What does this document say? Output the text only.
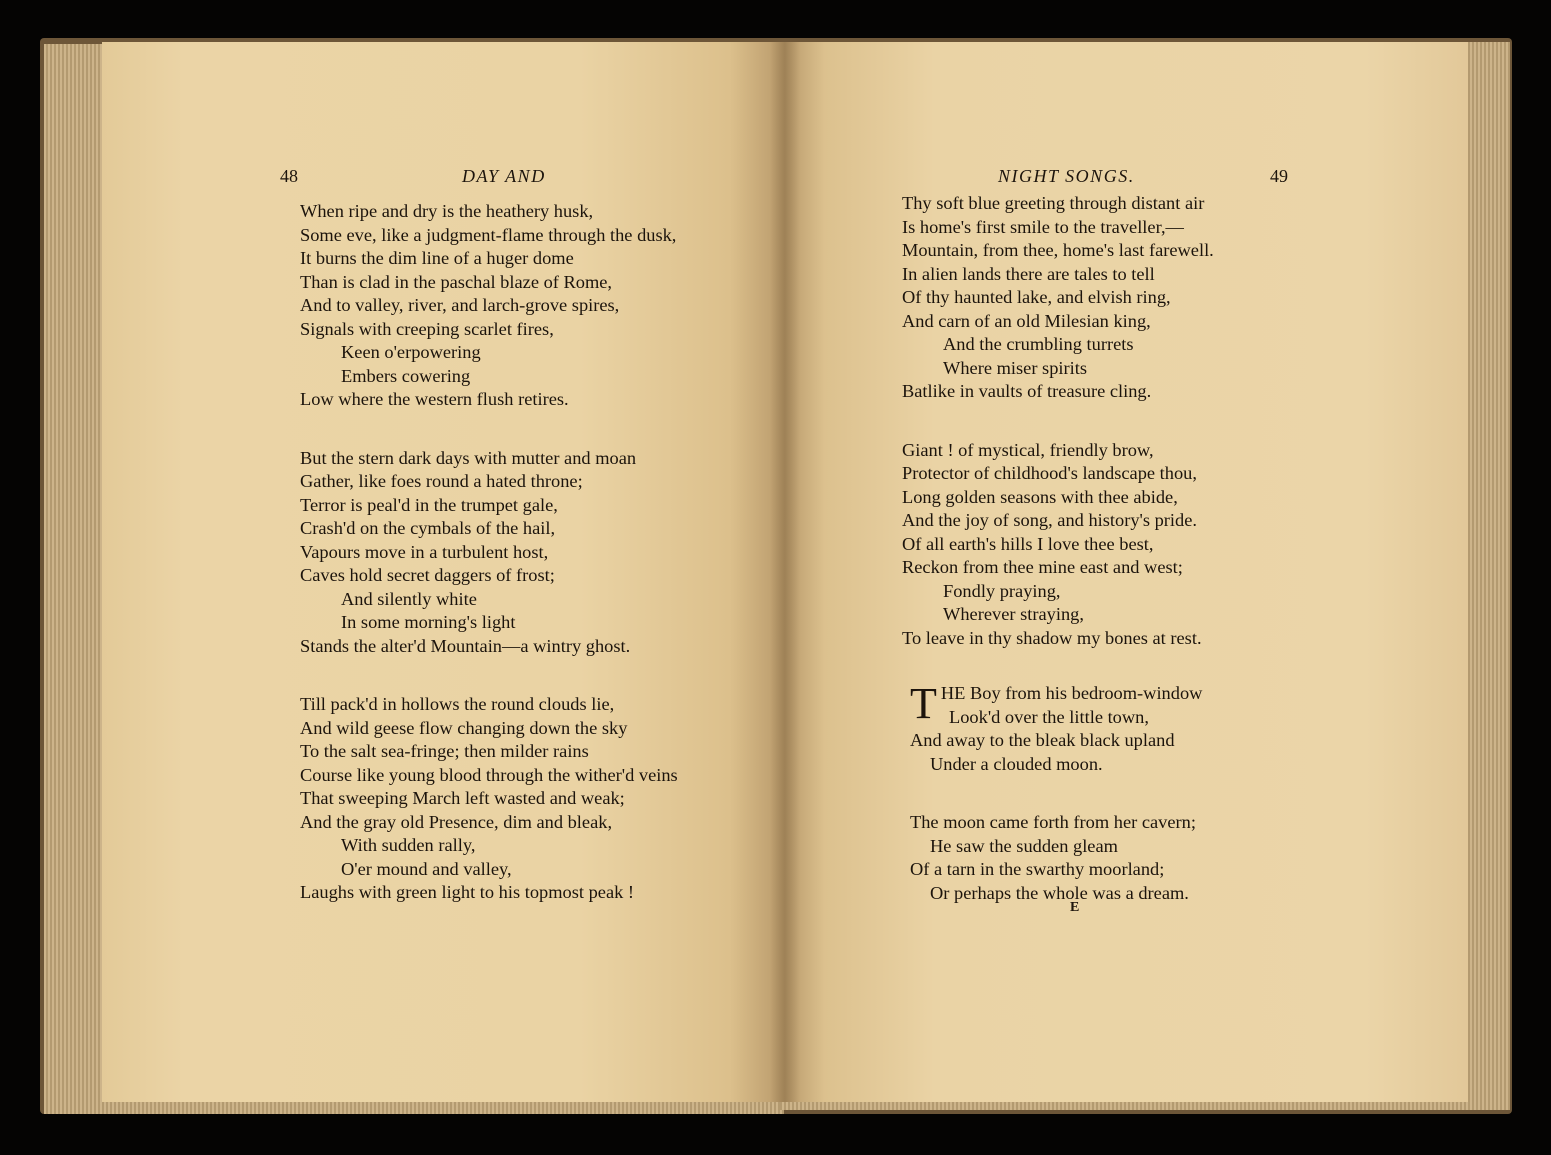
48	DAY AND
When ripe and dry is the heathery husk,
Some eve, like a judgment-flame through the dusk,
It burns the dim line of a huger dome
Than is clad in the paschal blaze of Rome,
And to valley, river, and larch-grove spires,
Signals with creeping scarlet fires,
Keen o'erpowering
Embers cowering
Low where the western flush retires.
But the stern dark days with mutter and moan
Gather, like foes round a hated throne;
Terror is peal'd in the trumpet gale,
Crash'd on the cymbals of the hail,
Vapours move in a turbulent host,
Caves hold secret daggers of frost;
And silently white
In some morning's light
Stands the alter'd Mountain—a wintry ghost.
Till pack'd in hollows the round clouds lie,
And wild geese flow changing down the sky
To the salt sea-fringe; then milder rains
Course like young blood through the wither'd veins
That sweeping March left wasted and weak;
And the gray old Presence, dim and bleak,
With sudden rally,
O'er mound and valley,
Laughs with green light to his topmost peak !
NIGHT SONGS.	49
Thy soft blue greeting through distant air
Is home's first smile to the traveller,—
Mountain, from thee, home's last farewell.
In alien lands there are tales to tell
Of thy haunted lake, and elvish ring,
And carn of an old Milesian king,
And the crumbling turrets
Where miser spirits
Batlike in vaults of treasure cling.
Giant ! of mystical, friendly brow,
Protector of childhood's landscape thou,
Long golden seasons with thee abide,
And the joy of song, and history's pride.
Of all earth's hills I love thee best,
Reckon from thee mine east and west;
Fondly praying,
Wherever straying,
To leave in thy shadow my bones at rest.
T HE Boy from his bedroom-window
Look'd over the little town,
And away to the bleak black upland
Under a clouded moon.
The moon came forth from her cavern;
He saw the sudden gleam
Of a tarn in the swarthy moorland;
Or perhaps the whole was a dream.
E
